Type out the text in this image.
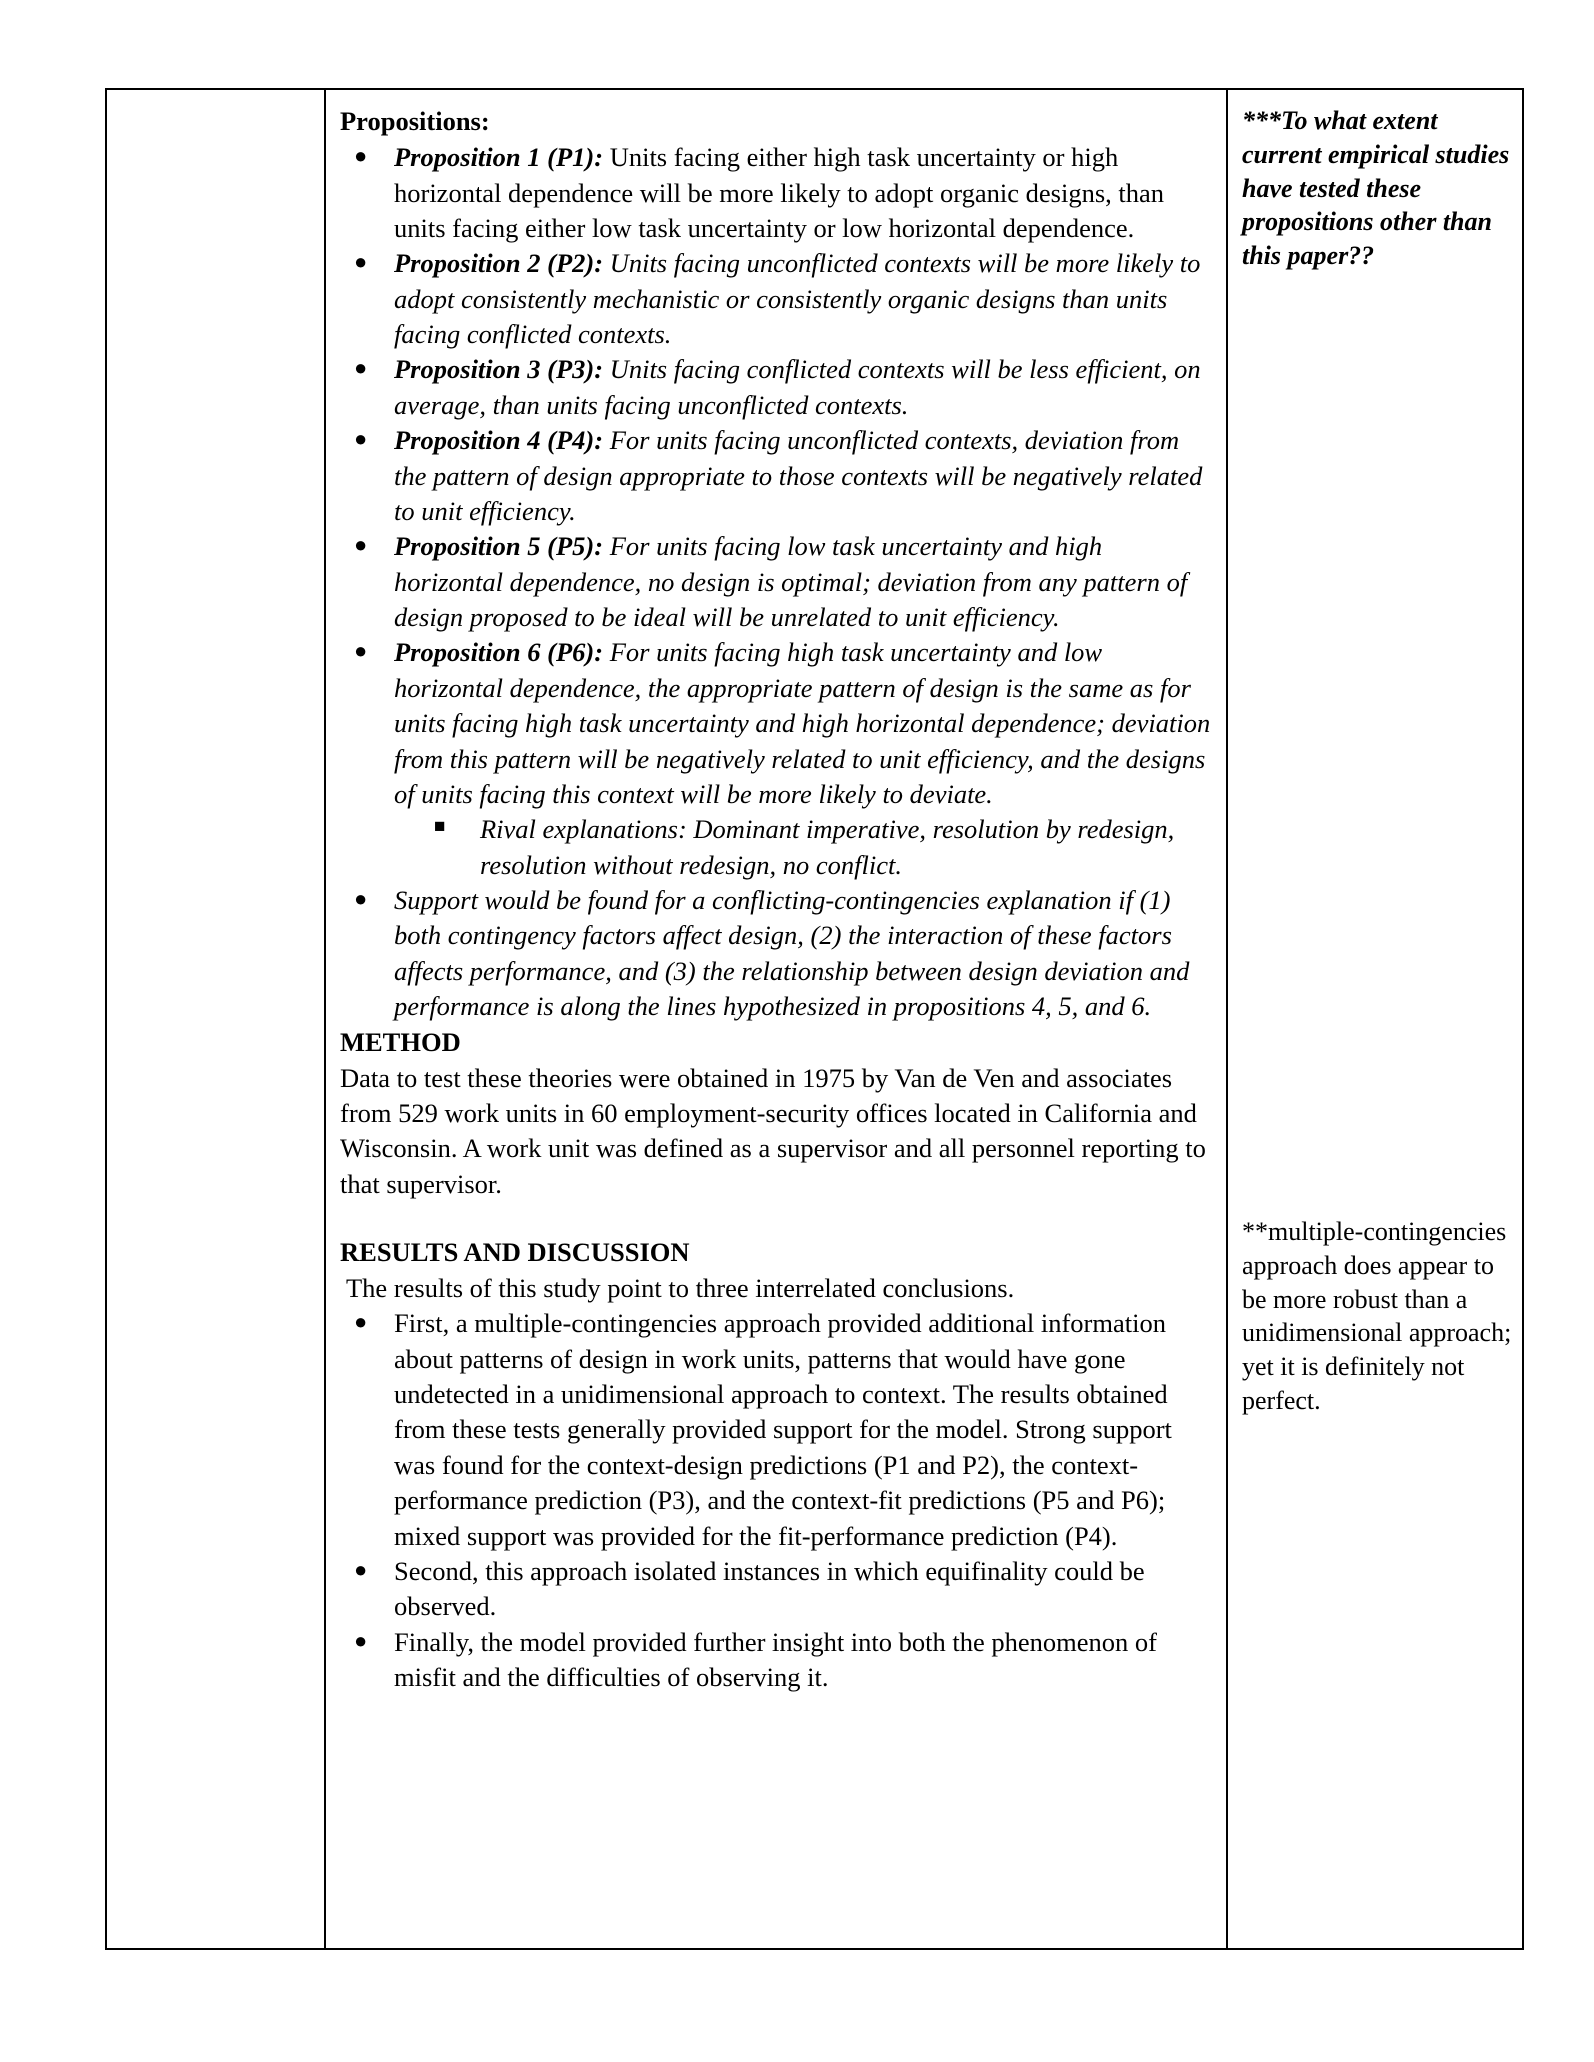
Propositions:
● Proposition 1 (P1): Units facing either high task uncertainty or high horizontal dependence will be more likely to adopt organic designs, than units facing either low task uncertainty or low horizontal dependence.
● Proposition 2 (P2): Units facing unconflicted contexts will be more likely to adopt consistently mechanistic or consistently organic designs than units facing conflicted contexts.
● Proposition 3 (P3): Units facing conflicted contexts will be less efficient, on average, than units facing unconflicted contexts.
● Proposition 4 (P4): For units facing unconflicted contexts, deviation from the pattern of design appropriate to those contexts will be negatively related to unit efficiency.
● Proposition 5 (P5): For units facing low task uncertainty and high horizontal dependence, no design is optimal; deviation from any pattern of design proposed to be ideal will be unrelated to unit efficiency.
● Proposition 6 (P6): For units facing high task uncertainty and low horizontal dependence, the appropriate pattern of design is the same as for units facing high task uncertainty and high horizontal dependence; deviation from this pattern will be negatively related to unit efficiency, and the designs of units facing this context will be more likely to deviate.
■ Rival explanations: Dominant imperative, resolution by redesign, resolution without redesign, no conflict.
● Support would be found for a conflicting-contingencies explanation if (1) both contingency factors affect design, (2) the interaction of these factors affects performance, and (3) the relationship between design deviation and performance is along the lines hypothesized in propositions 4, 5, and 6.
METHOD
Data to test these theories were obtained in 1975 by Van de Ven and associates from 529 work units in 60 employment-security offices located in California and Wisconsin. A work unit was defined as a supervisor and all personnel reporting to that supervisor.
RESULTS AND DISCUSSION
The results of this study point to three interrelated conclusions.
● First, a multiple-contingencies approach provided additional information about patterns of design in work units, patterns that would have gone undetected in a unidimensional approach to context. The results obtained from these tests generally provided support for the model. Strong support was found for the context-design predictions (P1 and P2), the context-performance prediction (P3), and the context-fit predictions (P5 and P6); mixed support was provided for the fit-performance prediction (P4).
● Second, this approach isolated instances in which equifinality could be observed.
● Finally, the model provided further insight into both the phenomenon of misfit and the difficulties of observing it.

***To what extent current empirical studies have tested these propositions other than this paper??
**multiple-contingencies approach does appear to be more robust than a unidimensional approach; yet it is definitely not perfect.
